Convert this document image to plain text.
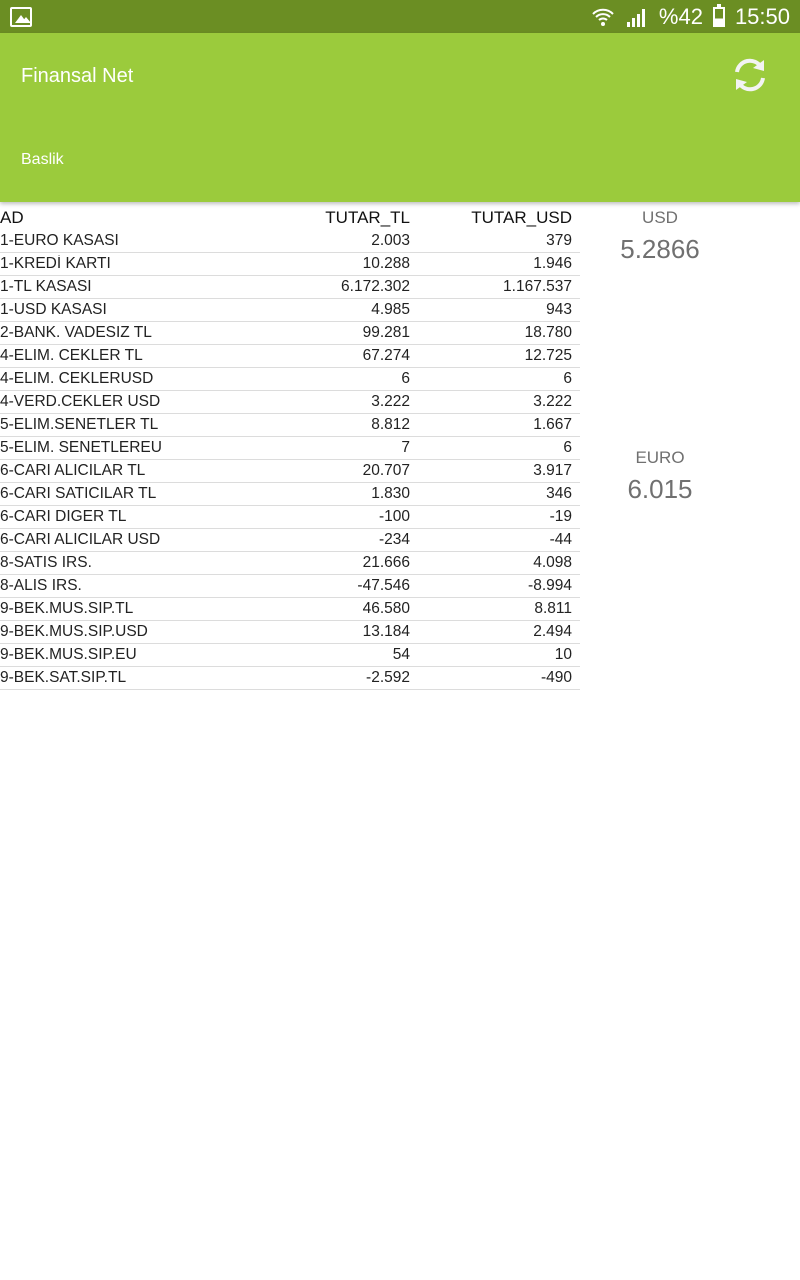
%42 15:50
Finansal Net
Baslik
AD	TUTAR_TL	TUTAR_USD
1-EURO KASASI	2.003	379
1-KREDİ KARTI	10.288	1.946
1-TL KASASI	6.172.302	1.167.537
1-USD KASASI	4.985	943
2-BANK. VADESIZ TL	99.281	18.780
4-ELIM. CEKLER TL	67.274	12.725
4-ELIM. CEKLERUSD	6	6
4-VERD.CEKLER USD	3.222	3.222
5-ELIM.SENETLER TL	8.812	1.667
5-ELIM. SENETLEREU	7	6
6-CARI ALICILAR TL	20.707	3.917
6-CARI SATICILAR TL	1.830	346
6-CARI DIGER TL	-100	-19
6-CARI ALICILAR USD	-234	-44
8-SATIS IRS.	21.666	4.098
8-ALIS IRS.	-47.546	-8.994
9-BEK.MUS.SIP.TL	46.580	8.811
9-BEK.MUS.SIP.USD	13.184	2.494
9-BEK.MUS.SIP.EU	54	10
9-BEK.SAT.SIP.TL	-2.592	-490
USD
5.2866
EURO
6.015
